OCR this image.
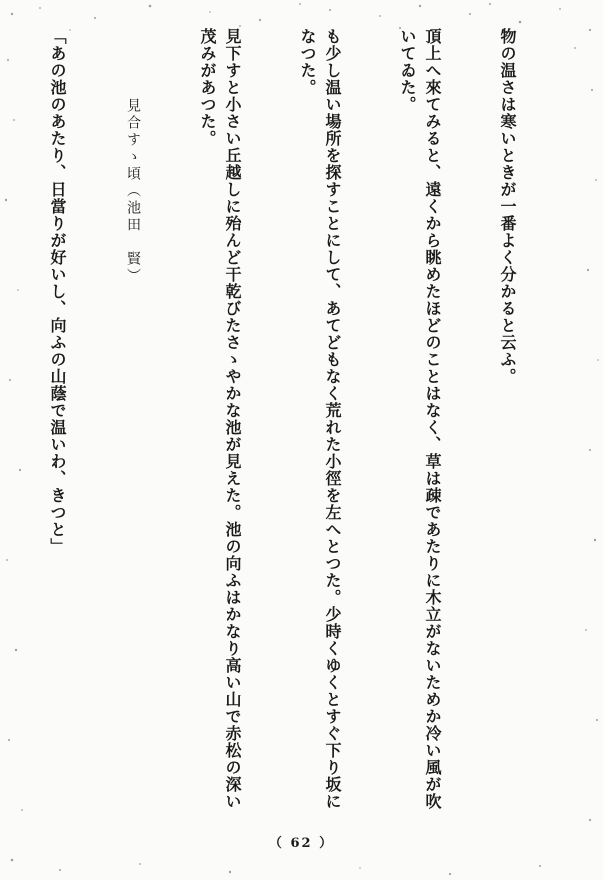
物の温さは寒いときが一番よく分かると云ふ。

頂上へ來てみると、遠くから眺めたほどのことはなく、草は疎であたりに木立がないためか冷い風が吹いてゐた。

も少し温い場所を探すことにして、あてどもなく荒れた小徑を左へとつた。少時くゆくとすぐ下り坂になつた。

見下すと小さい丘越しに殆んど干乾びたさゝやかな池が見えた。池の向ふはかなり高い山で赤松の深い茂みがあつた。

見合すゝ頃（池田　賢）

「あの池のあたり、日當りが好いし、向ふの山蔭で温いわ、きつと」

（ 62 ）
